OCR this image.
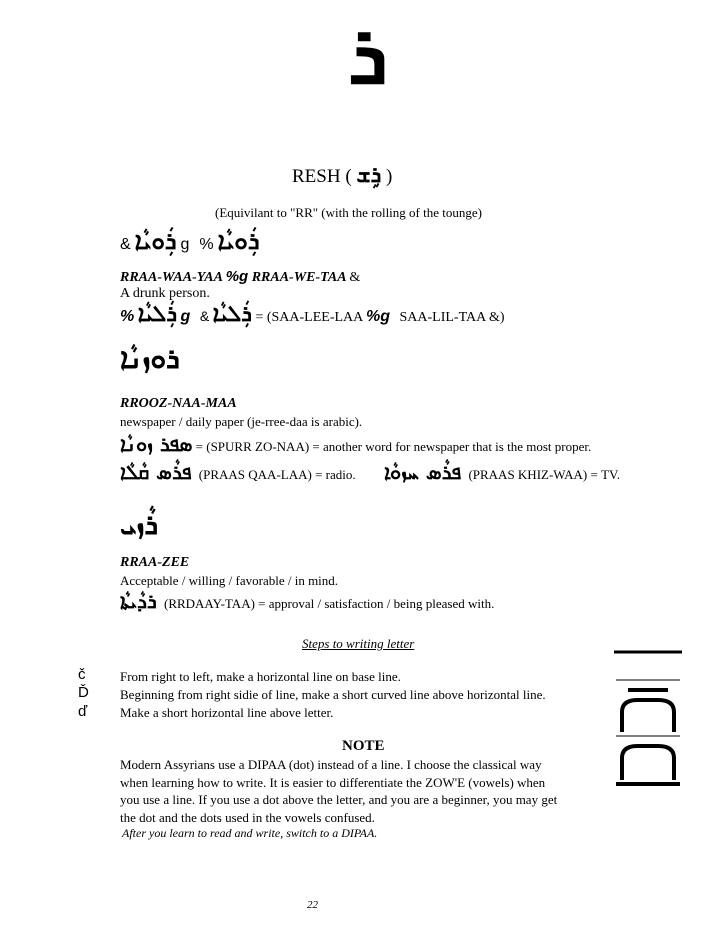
ܪ
RESH ( ܪܹܫ )
(Equivilant to "RR" (with the rolling of the tounge)
& ܪܲܘܝܵܐ g % ܪܲܘܝܵܐ
RRAA-WAA-YAA %g RRAA-WE-TAA &
A drunk person.
% ܪܲܠܝܵܐ g & ܪܲܠܝܵܐ = (SAA-LEE-LAA %g SAA-LIL-TAA &)
ܪܘܙܢܵܐ
RROOZ-NAA-MAA
newspaper / daily paper (je-rree-daa is arabic).
ܣܦܪ ܙܘܢܵܐ = (SPURR ZO-NAA) = another word for newspaper that is the most proper.
ܦܪܵܣ ܩܵܠܵܐ (PRAAS QAA-LAA) = radio. ܦܪܵܣ ܚܙܘܵܐ (PRAAS KHIZ-WAA) = TV.
ܪܵܙܝ
RRAA-ZEE
Acceptable / willing / favorable / in mind.
ܪܕܵܝܬܵܐ (RRDAAY-TAA) = approval / satisfaction / being pleased with.
Steps to writing letter
č
Ď
ď
From right to left, make a horizontal line on base line.
Beginning from right sidie of line, make a short curved line above horizontal line.
Make a short horizontal line above letter.
NOTE
Modern Assyrians use a DIPAA (dot) instead of a line. I choose the classical way
when learning how to write. It is easier to differentiate the ZOW'E (vowels) when
you use a line. If you use a dot above the letter, and you are a beginner, you may get
the dot and the dots used in the vowels confused.
After you learn to read and write, switch to a DIPAA.
22
